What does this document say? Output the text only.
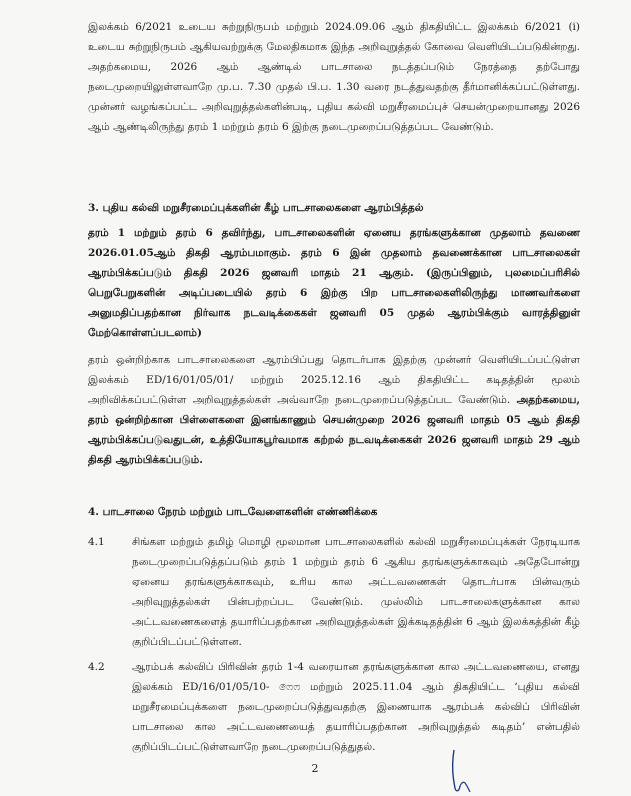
இலக்கம் 6/2021 உடைய சுற்றுநிருபம் மற்றும் 2024.09.06 ஆம் திகதியிட்ட இலக்கம் 6/2021 (i) உடைய சுற்றுநிருபம் ஆகியவற்றுக்கு மேலதிகமாக இந்த அறிவுறுத்தல் கோவை வெளியிடப்படுகின்றது. அதற்கமைய, 2026 ஆம் ஆண்டில் பாடசாலை நடத்தப்படும் நேரத்தை தற்போது நடைமுறையிலுள்ளவாறே மு.ப. 7.30 முதல் பி.ப. 1.30 வரை நடத்துவதற்கு தீர்மானிக்கப்பட்டுள்ளது. முன்னர் வழங்கப்பட்ட அறிவுறுத்தல்களின்படி, புதிய கல்வி மறுசீரமைப்புச் செயன்முறையானது 2026 ஆம் ஆண்டிலிருந்து தரம் 1 மற்றும் தரம் 6 இற்கு நடைமுறைப்படுத்தப்பட வேண்டும்.

3. புதிய கல்வி மறுசீரமைப்புக்களின் கீழ் பாடசாலைகளை ஆரம்பித்தல்

தரம் 1 மற்றும் தரம் 6 தவிர்ந்து, பாடசாலைகளின் ஏனைய தரங்களுக்கான முதலாம் தவணை 2026.01.05ஆம் திகதி ஆரம்பமாகும். தரம் 6 இன் முதலாம் தவணைக்கான பாடசாலைகள் ஆரம்பிக்கப்படும் திகதி 2026 ஜனவரி மாதம் 21 ஆகும். (இருப்பினும், புலமைப்பரிசில் பெறுபேறுகளின் அடிப்படையில் தரம் 6 இற்கு பிற பாடசாலைகளிலிருந்து மாணவர்களை அனுமதிப்பதற்கான நிர்வாக நடவடிக்கைகள் ஜனவரி 05 முதல் ஆரம்பிக்கும் வாரத்தினுள் மேற்கொள்ளப்படலாம்)

தரம் ஒன்றிற்காக பாடசாலைகளை ஆரம்பிப்பது தொடர்பாக இதற்கு முன்னர் வெளியிடப்பட்டுள்ள இலக்கம் ED/16/01/05/01/ மற்றும் 2025.12.16 ஆம் திகதியிட்ட கடிதத்தின் மூலம் அறிவிக்கப்பட்டுள்ள அறிவுறுத்தல்கள் அவ்வாறே நடைமுறைப்படுத்தப்பட வேண்டும். அதற்கமைய, தரம் ஒன்றிற்கான பிள்ளைகளை இனங்காணும் செயன்முறை 2026 ஜனவரி மாதம் 05 ஆம் திகதி ஆரம்பிக்கப்படுவதுடன், உத்தியோகபூர்வமாக கற்றல் நடவடிக்கைகள் 2026 ஜனவரி மாதம் 29 ஆம் திகதி ஆரம்பிக்கப்படும்.

4. பாடசாலை நேரம் மற்றும் பாடவேளைகளின் எண்ணிக்கை

4.1	சிங்கள மற்றும் தமிழ் மொழி மூலமான பாடசாலைகளில் கல்வி மறுசீரமைப்புக்கள் நேரடியாக நடைமுறைப்படுத்தப்படும் தரம் 1 மற்றும் தரம் 6 ஆகிய தரங்களுக்காகவும் அதேபோன்று ஏனைய தரங்களுக்காகவும், உரிய கால அட்டவணைகள் தொடர்பாக பின்வரும் அறிவுறுத்தல்கள் பின்பற்றப்பட வேண்டும். முஸ்லிம் பாடசாலைகளுக்கான கால அட்டவணைகளைத் தயாரிப்பதற்கான அறிவுறுத்தல்கள் இக்கடிதத்தின் 6 ஆம் இலக்கத்தின் கீழ் குறிப்பிடப்பட்டுள்ளன.

4.2	ஆரம்பக் கல்விப் பிரிவின் தரம் 1-4 வரையான தரங்களுக்கான கால அட்டவணையை, எனது இலக்கம் ED/16/01/05/10- ෆෙෆ மற்றும் 2025.11.04 ஆம் திகதியிட்ட ‘புதிய கல்வி மறுசீரமைப்புக்களை நடைமுறைப்படுத்துவதற்கு இணையாக ஆரம்பக் கல்விப் பிரிவின் பாடசாலை கால அட்டவணையைத் தயாரிப்பதற்கான அறிவுறுத்தல் கடிதம்’ என்பதில் குறிப்பிடப்பட்டுள்ளவாறே நடைமுறைப்படுத்துதல்.

2
